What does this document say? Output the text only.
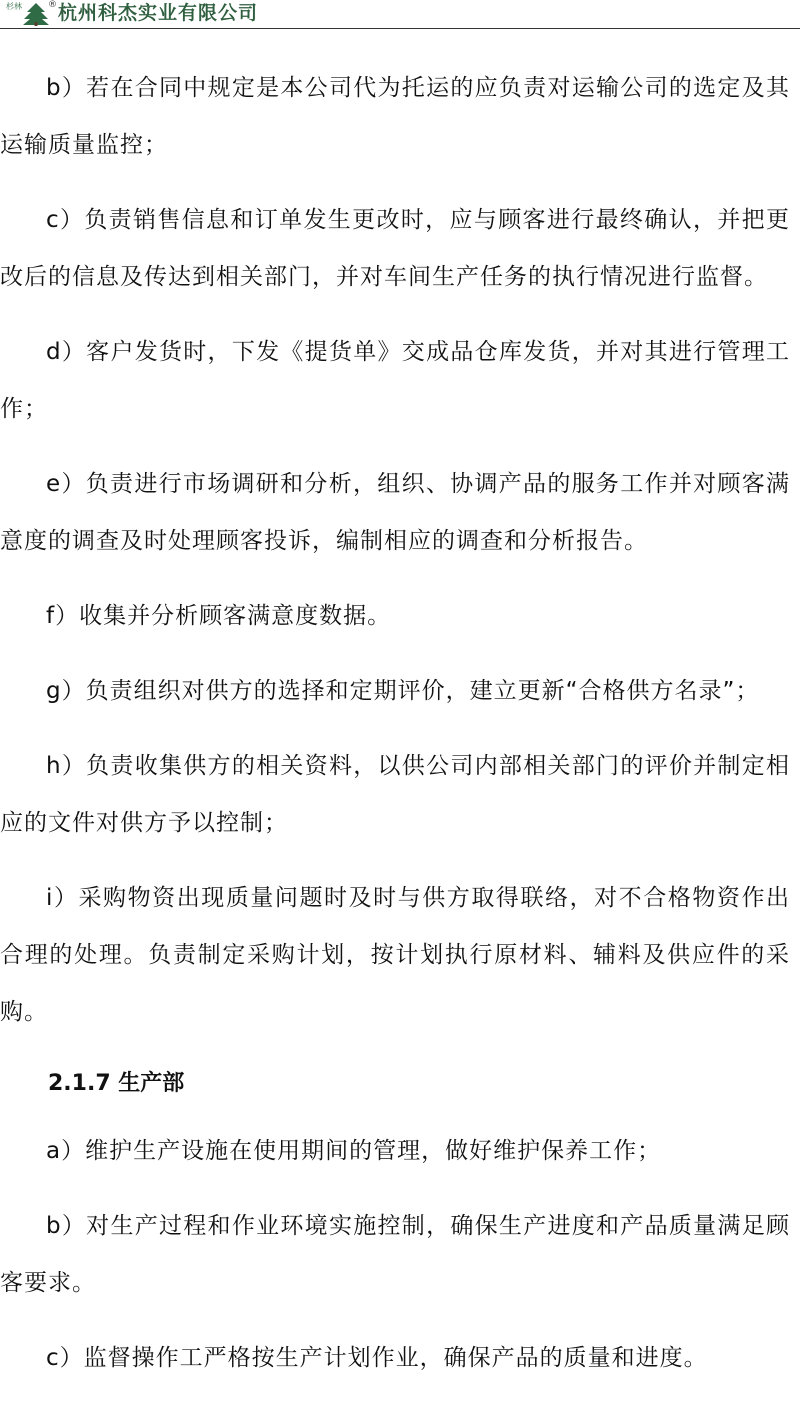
杉林	® 杭州科杰实业有限公司

b）若在合同中规定是本公司代为托运的应负责对运输公司的选定及其运输质量监控；

c）负责销售信息和订单发生更改时，应与顾客进行最终确认，并把更改后的信息及传达到相关部门，并对车间生产任务的执行情况进行监督。

d）客户发货时，下发《提货单》交成品仓库发货，并对其进行管理工作；

e）负责进行市场调研和分析，组织、协调产品的服务工作并对顾客满意度的调查及时处理顾客投诉，编制相应的调查和分析报告。

f）收集并分析顾客满意度数据。

g）负责组织对供方的选择和定期评价，建立更新“合格供方名录”；

h）负责收集供方的相关资料，以供公司内部相关部门的评价并制定相应的文件对供方予以控制；

i）采购物资出现质量问题时及时与供方取得联络，对不合格物资作出合理的处理。负责制定采购计划，按计划执行原材料、辅料及供应件的采购。

2.1.7 生产部

a）维护生产设施在使用期间的管理，做好维护保养工作；

b）对生产过程和作业环境实施控制，确保生产进度和产品质量满足顾客要求。

c）监督操作工严格按生产计划作业，确保产品的质量和进度。
